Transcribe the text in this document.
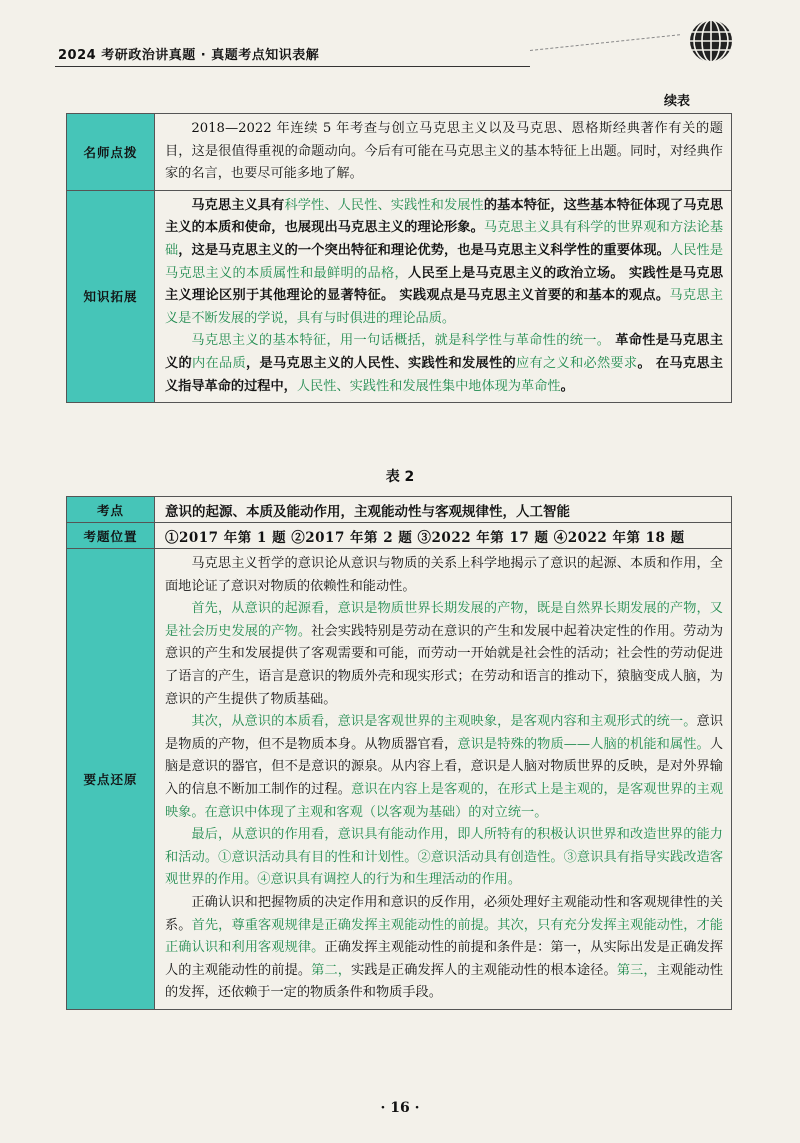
2024 考研政治讲真题 · 真题考点知识表解
续表
名师点拨	2018—2022 年连续 5 年考查与创立马克思主义以及马克思、恩格斯经典著作有关的题目，这是很值得重视的命题动向。今后有可能在马克思主义的基本特征上出题。同时，对经典作家的名言，也要尽可能多地了解。

知识拓展	马克思主义具有科学性、人民性、实践性和发展性的基本特征，这些基本特征体现了马克思主义的本质和使命，也展现出马克思主义的理论形象。马克思主义具有科学的世界观和方法论基础，这是马克思主义的一个突出特征和理论优势，也是马克思主义科学性的重要体现。人民性是马克思主义的本质属性和最鲜明的品格，人民至上是马克思主义的政治立场。 实践性是马克思主义理论区别于其他理论的显著特征。 实践观点是马克思主义首要的和基本的观点。马克思主义是不断发展的学说，具有与时俱进的理论品质。

马克思主义的基本特征，用一句话概括，就是科学性与革命性的统一。 革命性是马克思主义的内在品质，是马克思主义的人民性、实践性和发展性的应有之义和必然要求。 在马克思主义指导革命的过程中，人民性、实践性和发展性集中地体现为革命性。

表 2
考点	意识的起源、本质及能动作用，主观能动性与客观规律性，人工智能
考题位置	①2017 年第 1 题 ②2017 年第 2 题 ③2022 年第 17 题 ④2022 年第 18 题
要点还原	马克思主义哲学的意识论从意识与物质的关系上科学地揭示了意识的起源、本质和作用，全面地论证了意识对物质的依赖性和能动性。

首先，从意识的起源看，意识是物质世界长期发展的产物，既是自然界长期发展的产物，又是社会历史发展的产物。社会实践特别是劳动在意识的产生和发展中起着决定性的作用。劳动为意识的产生和发展提供了客观需要和可能，而劳动一开始就是社会性的活动；社会性的劳动促进了语言的产生，语言是意识的物质外壳和现实形式；在劳动和语言的推动下，猿脑变成人脑，为意识的产生提供了物质基础。

其次，从意识的本质看，意识是客观世界的主观映象，是客观内容和主观形式的统一。意识是物质的产物，但不是物质本身。从物质器官看，意识是特殊的物质——人脑的机能和属性。人脑是意识的器官，但不是意识的源泉。从内容上看，意识是人脑对物质世界的反映，是对外界输入的信息不断加工制作的过程。意识在内容上是客观的，在形式上是主观的，是客观世界的主观映象。在意识中体现了主观和客观（以客观为基础）的对立统一。

最后，从意识的作用看，意识具有能动作用，即人所特有的积极认识世界和改造世界的能力和活动。①意识活动具有目的性和计划性。②意识活动具有创造性。③意识具有指导实践改造客观世界的作用。④意识具有调控人的行为和生理活动的作用。

正确认识和把握物质的决定作用和意识的反作用，必须处理好主观能动性和客观规律性的关系。首先，尊重客观规律是正确发挥主观能动性的前提。其次，只有充分发挥主观能动性，才能正确认识和利用客观规律。正确发挥主观能动性的前提和条件是：第一，从实际出发是正确发挥人的主观能动性的前提。第二，实践是正确发挥人的主观能动性的根本途径。第三，主观能动性的发挥，还依赖于一定的物质条件和物质手段。

· 16 ·
